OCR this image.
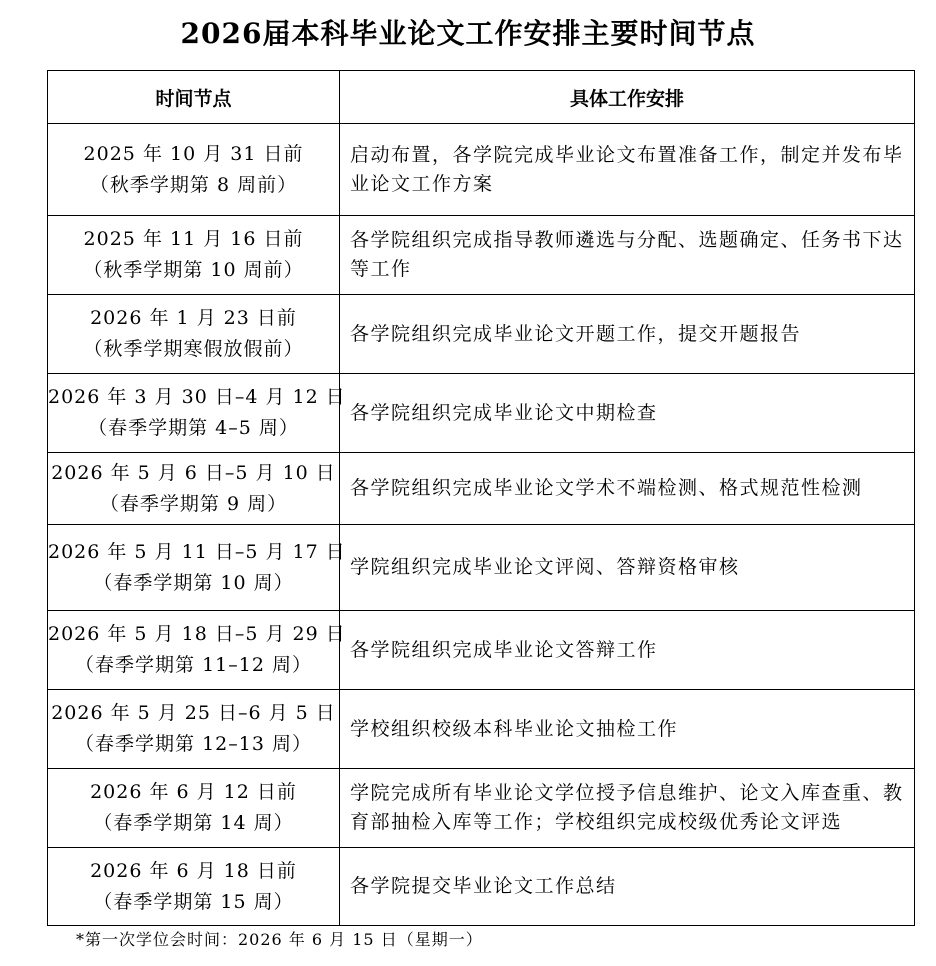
2026届本科毕业论文工作安排主要时间节点
时间节点	具体工作安排

2025 年 10 月 31 日前
（秋季学期第 8 周前）	启动布置，各学院完成毕业论文布置准备工作，制定并发布毕业论文工作方案

2025 年 11 月 16 日前
（秋季学期第 10 周前）	各学院组织完成指导教师遴选与分配、选题确定、任务书下达等工作

2026 年 1 月 23 日前
（秋季学期寒假放假前）	各学院组织完成毕业论文开题工作，提交开题报告

2026 年 3 月 30 日–4 月 12 日
（春季学期第 4–5 周）	各学院组织完成毕业论文中期检查

2026 年 5 月 6 日–5 月 10 日
（春季学期第 9 周）	各学院组织完成毕业论文学术不端检测、格式规范性检测

2026 年 5 月 11 日–5 月 17 日
（春季学期第 10 周）	学院组织完成毕业论文评阅、答辩资格审核

2026 年 5 月 18 日–5 月 29 日
（春季学期第 11–12 周）	各学院组织完成毕业论文答辩工作

2026 年 5 月 25 日–6 月 5 日
（春季学期第 12–13 周）	学校组织校级本科毕业论文抽检工作

2026 年 6 月 12 日前
（春季学期第 14 周）	学院完成所有毕业论文学位授予信息维护、论文入库查重、教育部抽检入库等工作；学校组织完成校级优秀论文评选

2026 年 6 月 18 日前
（春季学期第 15 周）	各学院提交毕业论文工作总结
*第一次学位会时间：2026 年 6 月 15 日（星期一）
